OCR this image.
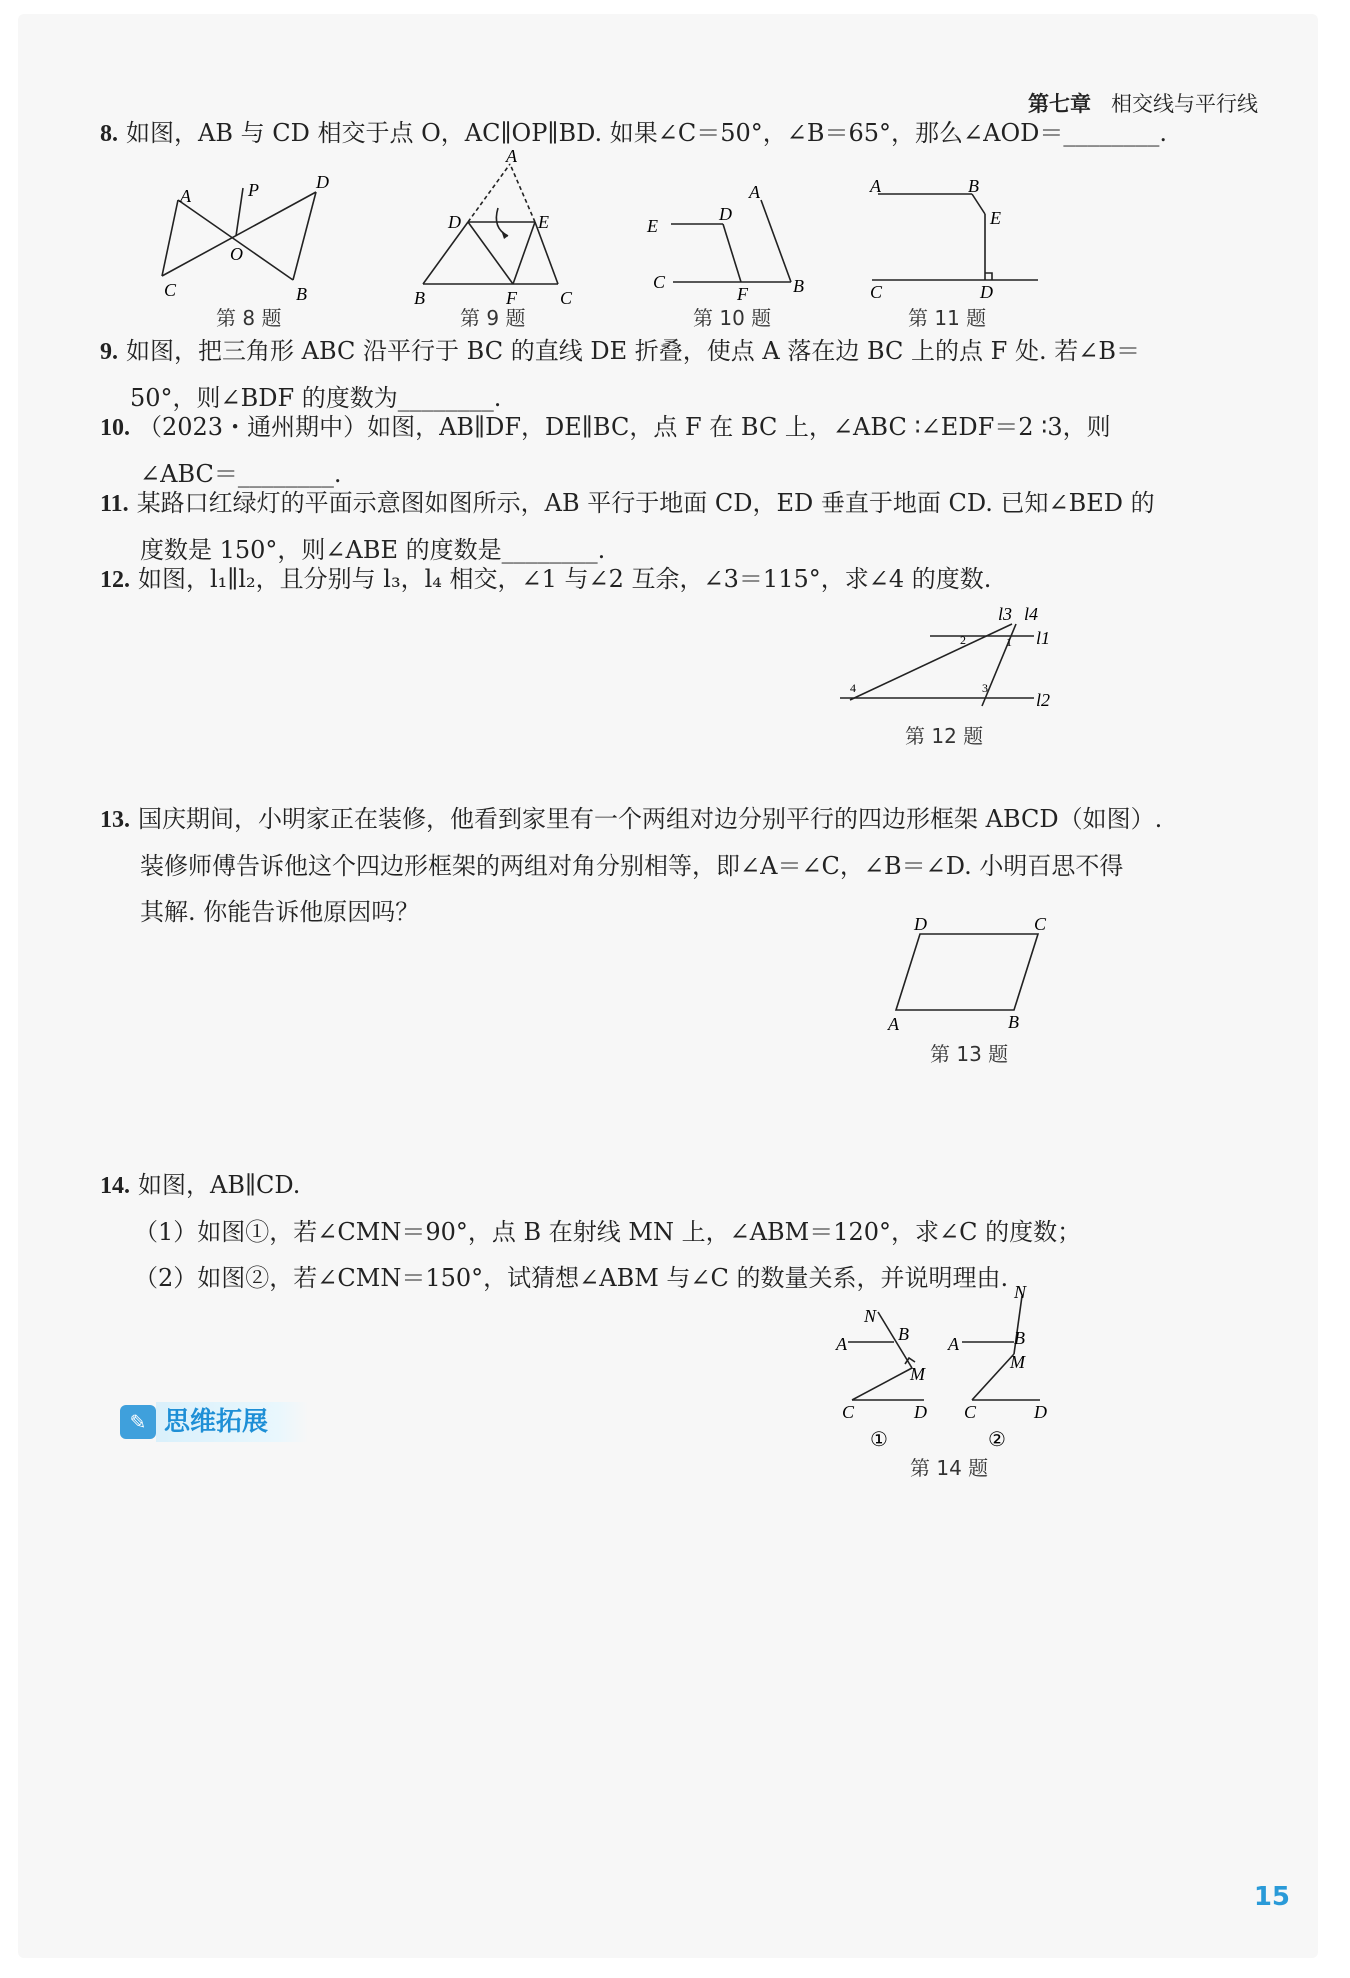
第七章 相交线与平行线
8. 如图，AB 与 CD 相交于点 O，AC∥OP∥BD. 如果∠C＝50°，∠B＝65°，那么∠AOD＝________.
A	P	D
O
C	B
第 8 题
A
D	E
B	F C
第 9 题
A
D
E
C
F	B
第 10 题
A	B
E
C	D
第 11 题
9. 如图，把三角形 ABC 沿平行于 BC 的直线 DE 折叠，使点 A 落在边 BC 上的点 F 处. 若∠B＝
50°，则∠BDF 的度数为________.
10. （2023・通州期中）如图，AB∥DF，DE∥BC，点 F 在 BC 上，∠ABC ∶∠EDF＝2 ∶3，则
∠ABC＝________.
11. 某路口红绿灯的平面示意图如图所示，AB 平行于地面 CD，ED 垂直于地面 CD. 已知∠BED 的
度数是 150°，则∠ABE 的度数是________.
12. 如图，l₁∥l₂，且分别与 l₃，l₄ 相交，∠1 与∠2 互余，∠3＝115°，求∠4 的度数.
l3 l4
l1
l2
2	1
3
4
第 12 题
13. 国庆期间，小明家正在装修，他看到家里有一个两组对边分别平行的四边形框架 ABCD（如图）.
装修师傅告诉他这个四边形框架的两组对角分别相等，即∠A＝∠C，∠B＝∠D. 小明百思不得
其解. 你能告诉他原因吗？	D	C
A	B
第 13 题
✎ 思维拓展
14. 如图，AB∥CD.
（1）如图①，若∠CMN＝90°，点 B 在射线 MN 上，∠ABM＝120°，求∠C 的度数；
（2）如图②，若∠CMN＝150°，试猜想∠ABM 与∠C 的数量关系，并说明理由.
N
A	B
M
C	D
①
N
A	B
M
C	D
②
第 14 题
15
